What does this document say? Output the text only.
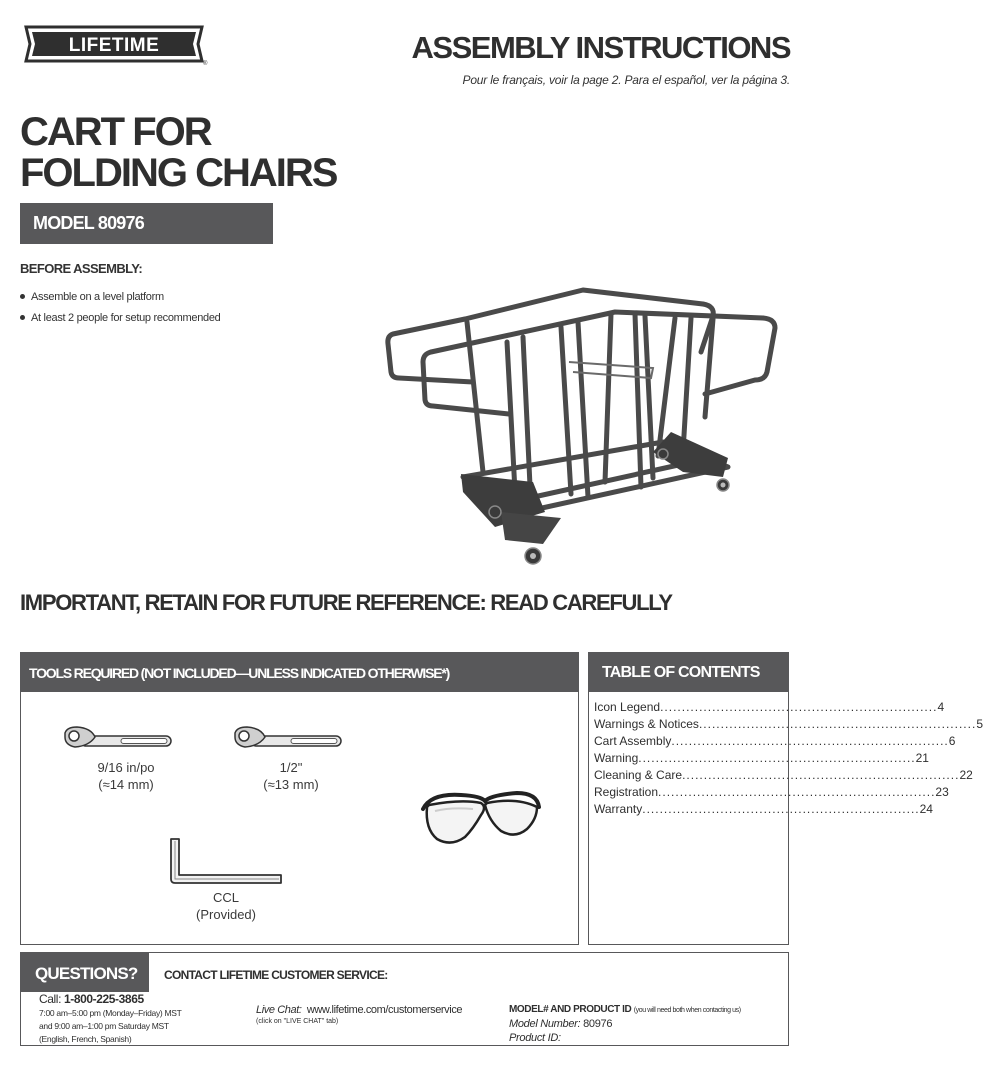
LIFETIME
®	ASSEMBLY INSTRUCTIONS
Pour le français, voir la page 2. Para el español, ver la página 3.
CART FOR
FOLDING CHAIRS
MODEL 80976
BEFORE ASSEMBLY:
Assemble on a level platform
At least 2 people for setup recommended
IMPORTANT, RETAIN FOR FUTURE REFERENCE: READ CAREFULLY
TOOLS REQUIRED (NOT INCLUDED—UNLESS INDICATED OTHERWISE*)
9/16 in/po
(≈14 mm)
1/2"
(≈13 mm)
CCL
(Provided)
TABLE OF CONTENTS
Icon Legend .....	4
Warnings & Notices .....	5
Cart Assembly .....	6
Warning .....	21
Cleaning & Care .....	22
Registration .....	23
Warranty .....	24
QUESTIONS? CONTACT LIFETIME CUSTOMER SERVICE:
Call: 1-800-225-3865
7:00 am–5:00 pm (Monday–Friday) MST
and 9:00 am–1:00 pm Saturday MST
(English, French, Spanish)
Live Chat: www.lifetime.com/customerservice
(click on "LIVE CHAT" tab)
MODEL# AND PRODUCT ID (you will need both when contacting us)
Model Number: 80976
Product ID:
